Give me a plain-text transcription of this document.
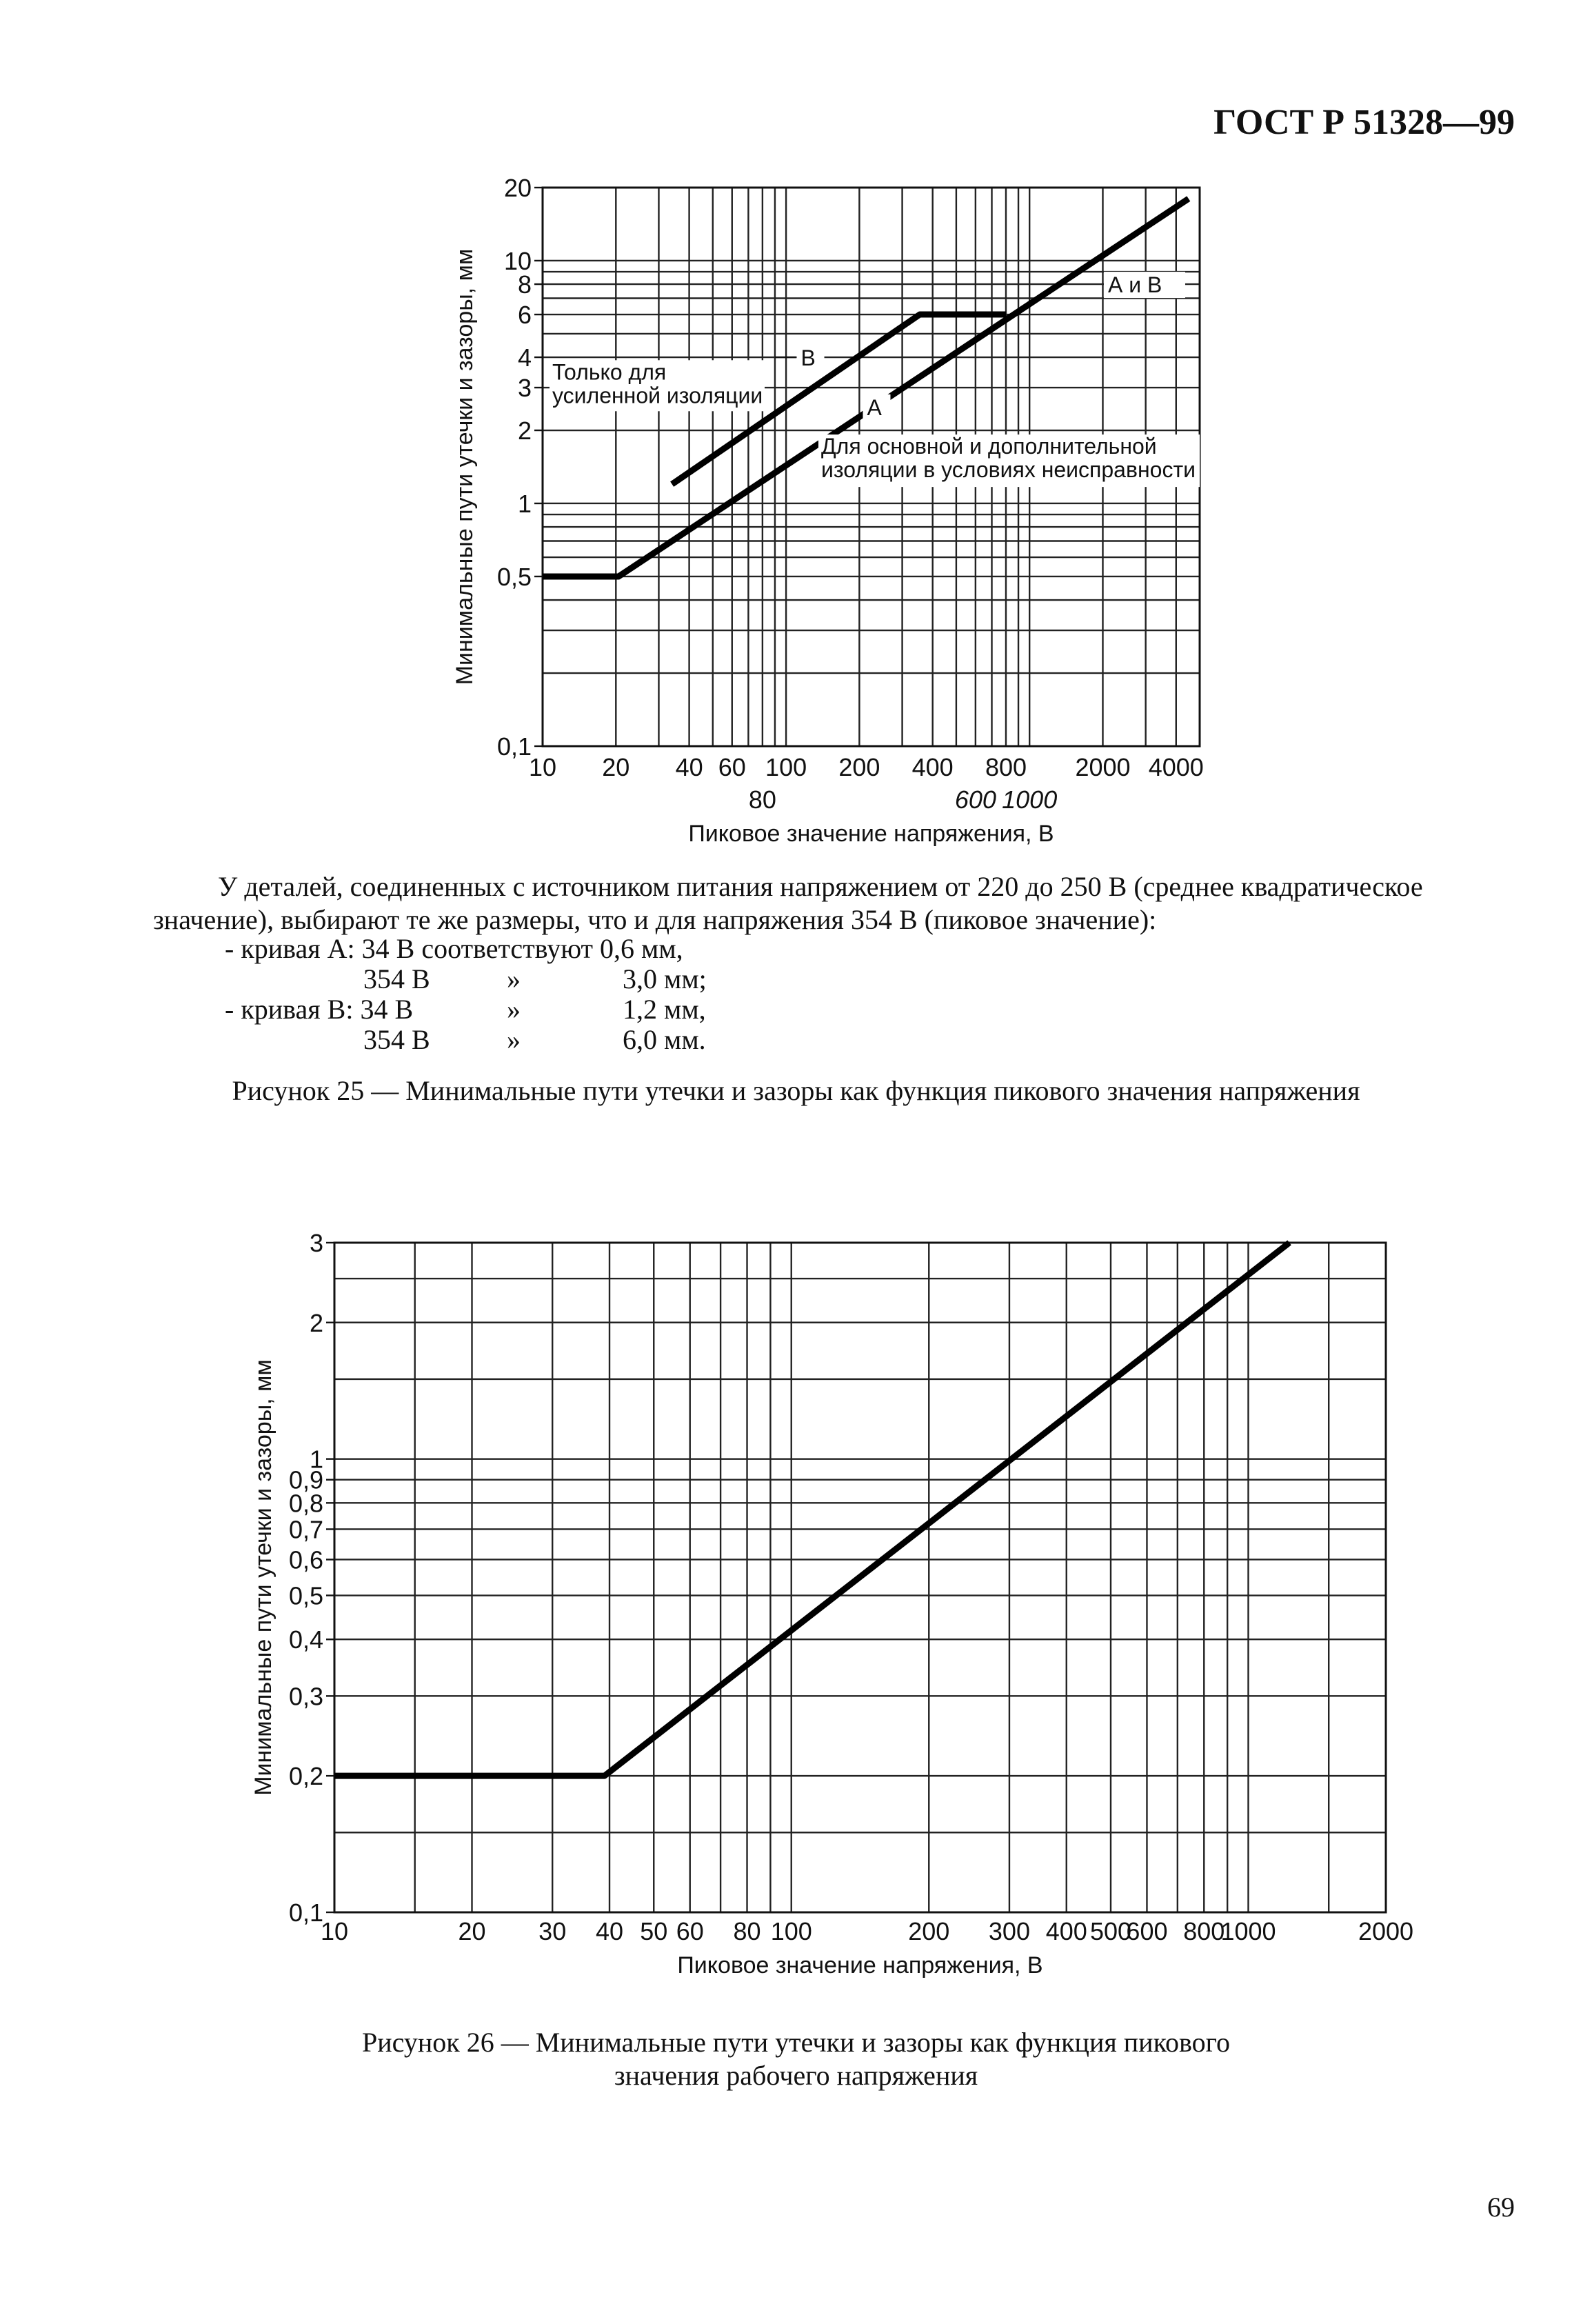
ГОСТ Р 51328—99
20
10
8
6
4
3
2
1
0,5
0,1
10 20 40 60 100 200 400 800 2000 4000
80	600 1000
Пиковое значение напряжения, В
Минимальные пути утечки и зазоры, мм	В
А
А и В
Только для
усиленной изоляции
Для основной и дополнительной
изоляции в условиях неисправности
У деталей, соединенных с источником питания напряжением от 220 до 250 В (среднее квадратическое
значение), выбирают те же размеры, что и для напряжения 354 В (пиковое значение):
- кривая А: 34 В соответствуют 0,6 мм,
354 В	»	3,0 мм;
- кривая В: 34 В	»	1,2 мм,
354 В	»	6,0 мм.
Рисунок 25 — Минимальные пути утечки и зазоры как функция пикового значения напряжения
3
2
1
0,9
0,8
0,7
0,6
0,5
0,4
0,3
0,2
0,1
10	20 30 40 50 60 80 100	200 300 400 500
600 800
1000	2000
Пиковое значение напряжения, В
Минимальные пути утечки и зазоры, мм
Рисунок 26 — Минимальные пути утечки и зазоры как функция пикового
значения рабочего напряжения
69
